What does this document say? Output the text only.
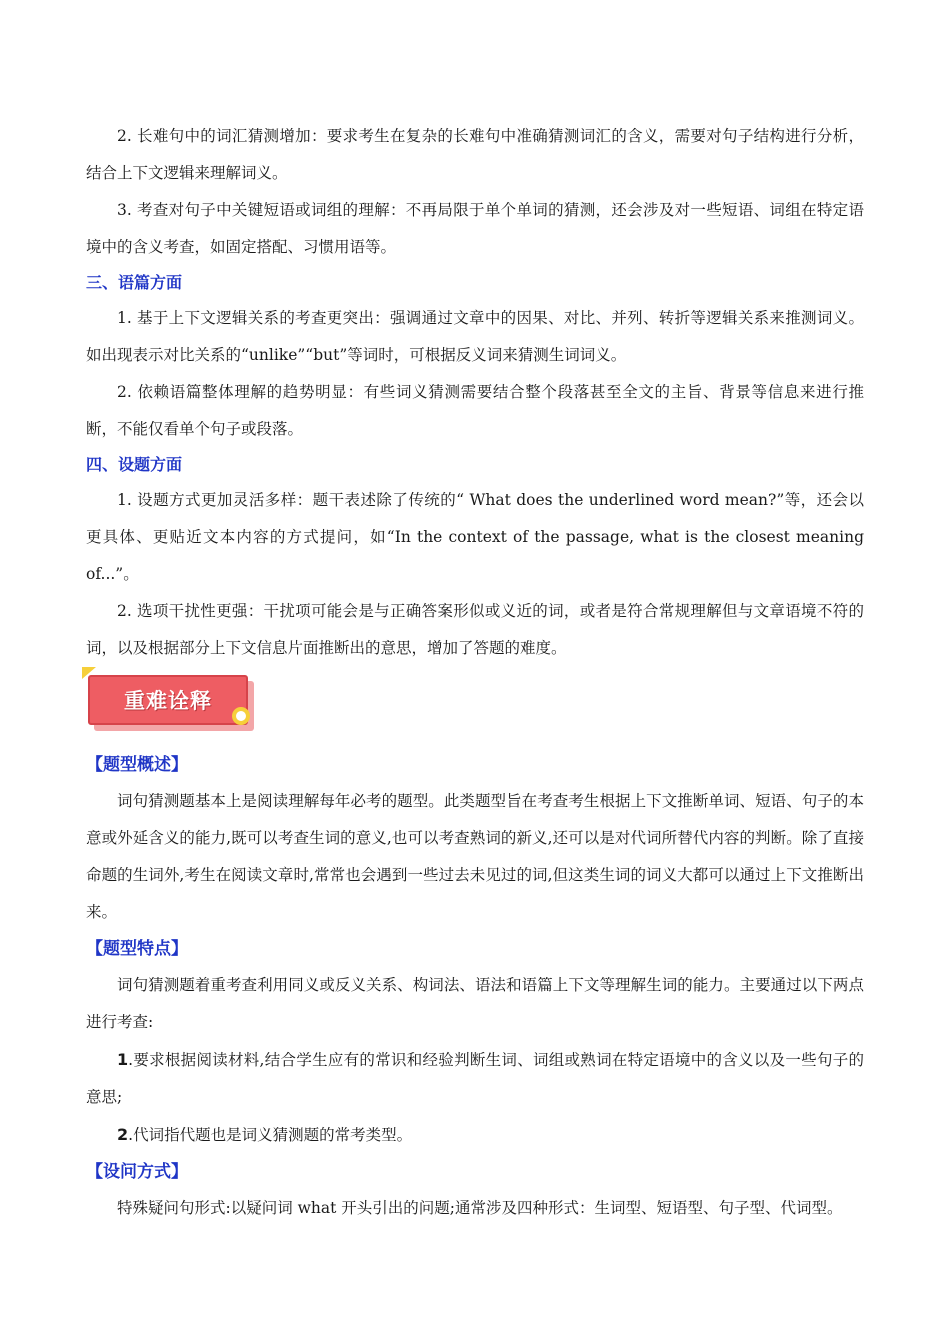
2. 长难句中的词汇猜测增加：要求考生在复杂的长难句中准确猜测词汇的含义，需要对句子结构进行分析，结合上下文逻辑来理解词义。

3. 考查对句子中关键短语或词组的理解：不再局限于单个单词的猜测，还会涉及对一些短语、词组在特定语境中的含义考查，如固定搭配、习惯用语等。

三、语篇方面

1. 基于上下文逻辑关系的考查更突出：强调通过文章中的因果、对比、并列、转折等逻辑关系来推测词义。如出现表示对比关系的“unlike”“but”等词时，可根据反义词来猜测生词词义。

2. 依赖语篇整体理解的趋势明显：有些词义猜测需要结合整个段落甚至全文的主旨、背景等信息来进行推断，不能仅看单个句子或段落。

四、设题方面

1. 设题方式更加灵活多样：题干表述除了传统的“ What does the underlined word mean?”等，还会以更具体、更贴近文本内容的方式提问，如“In the context of the passage, what is the closest meaning of...”。

2. 选项干扰性更强：干扰项可能会是与正确答案形似或义近的词，或者是符合常规理解但与文章语境不符的词，以及根据部分上下文信息片面推断出的意思，增加了答题的难度。

重难诠释

【题型概述】

词句猜测题基本上是阅读理解每年必考的题型。此类题型旨在考查考生根据上下文推断单词、短语、句子的本意或外延含义的能力,既可以考查生词的意义,也可以考查熟词的新义,还可以是对代词所替代内容的判断。除了直接命题的生词外,考生在阅读文章时,常常也会遇到一些过去未见过的词,但这类生词的词义大都可以通过上下文推断出来。

【题型特点】

词句猜测题着重考查利用同义或反义关系、构词法、语法和语篇上下文等理解生词的能力。主要通过以下两点进行考查:

1.要求根据阅读材料,结合学生应有的常识和经验判断生词、词组或熟词在特定语境中的含义以及一些句子的意思;

2.代词指代题也是词义猜测题的常考类型。

【设问方式】

特殊疑问句形式:以疑问词 what 开头引出的问题;通常涉及四种形式：生词型、短语型、句子型、代词型。
